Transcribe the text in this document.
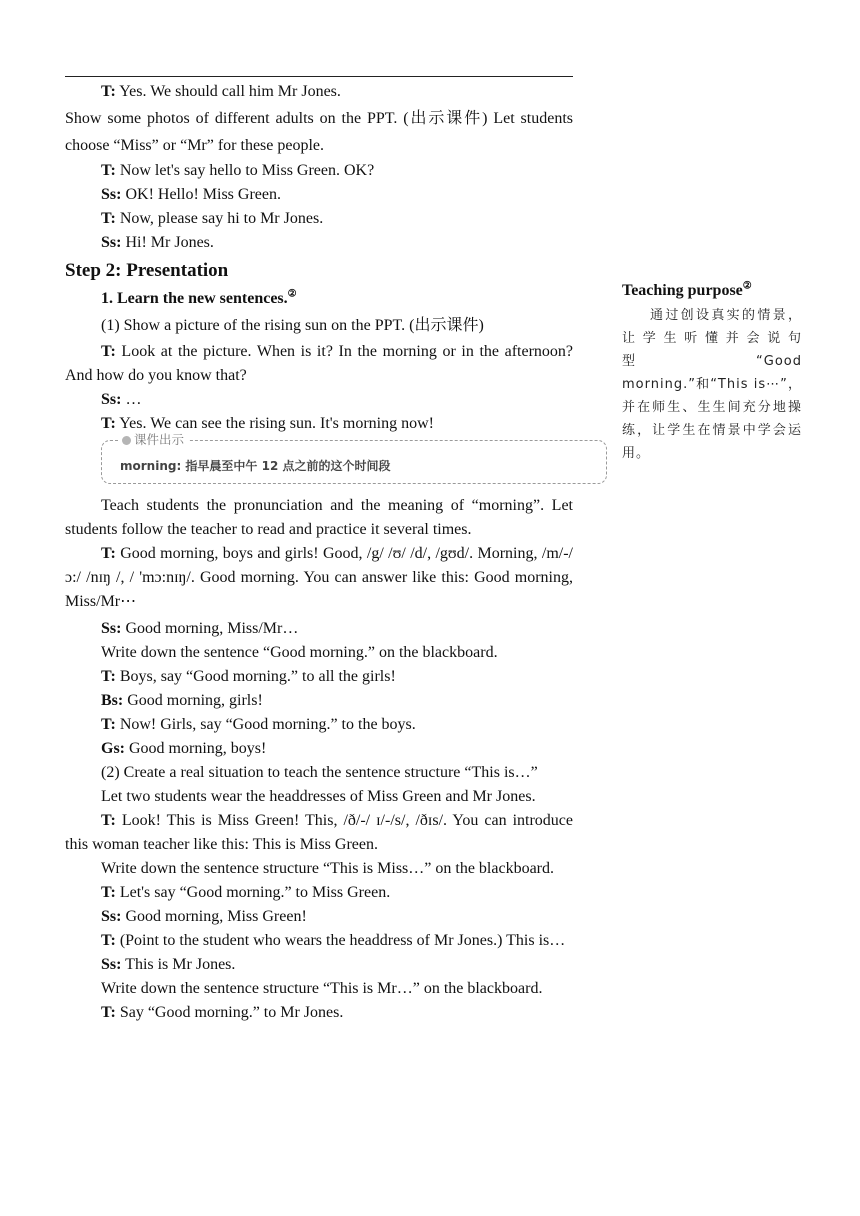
T: Yes. We should call him Mr Jones.

Show some photos of different adults on the PPT. (出示课件) Let students choose “Miss” or “Mr” for these people.

T: Now let's say hello to Miss Green. OK?

Ss: OK! Hello! Miss Green.

T: Now, please say hi to Mr Jones.

Ss: Hi! Mr Jones.

Step 2: Presentation

1. Learn the new sentences.②

(1) Show a picture of the rising sun on the PPT. (出示课件)

T: Look at the picture. When is it? In the morning or in the afternoon? And how do you know that?

Ss: …

T: Yes. We can see the rising sun. It's morning now!

课件出示
morning: 指早晨至中午 12 点之前的这个时间段

Teach students the pronunciation and the meaning of “morning”. Let students follow the teacher to read and practice it several times.

T: Good morning, boys and girls! Good, /g/ /ʊ/ /d/, /gʊd/. Morning, /m/-/ɔ:/ /nɪŋ /, / 'mɔ:nɪŋ/. Good morning. You can answer like this: Good morning, Miss/Mr⋯

Ss: Good morning, Miss/Mr…

Write down the sentence “Good morning.” on the blackboard.

T: Boys, say “Good morning.” to all the girls!

Bs: Good morning, girls!

T: Now! Girls, say “Good morning.” to the boys.

Gs: Good morning, boys!

(2) Create a real situation to teach the sentence structure “This is…”

Let two students wear the headdresses of Miss Green and Mr Jones.

T: Look! This is Miss Green! This, /ð/-/ ɪ/-/s/, /ðɪs/. You can introduce this woman teacher like this: This is Miss Green.

Write down the sentence structure “This is Miss…” on the blackboard.

T: Let's say “Good morning.” to Miss Green.

Ss: Good morning, Miss Green!

T: (Point to the student who wears the headdress of Mr Jones.) This is…

Ss: This is Mr Jones.

Write down the sentence structure “This is Mr…” on the blackboard.

T: Say “Good morning.” to Mr Jones.

Teaching purpose②

通过创设真实的情景，让学生听懂并会说句型“Good morning.”和“This is⋯”，并在师生、生生间充分地操练，让学生在情景中学会运用。
